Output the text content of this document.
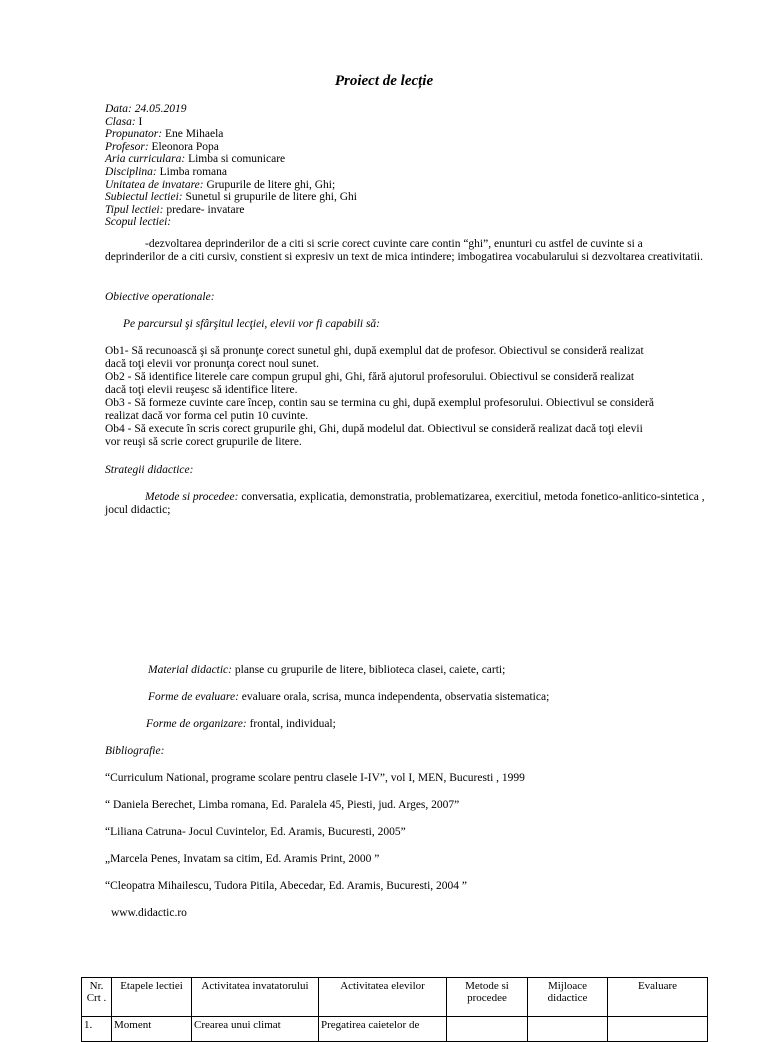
Proiect de lecție
Data: 24.05.2019
Clasa: I
Propunator: Ene Mihaela
Profesor: Eleonora Popa
Aria curriculara: Limba si comunicare
Disciplina: Limba romana
Unitatea de invatare: Grupurile de litere ghi, Ghi;
Subiectul lectiei: Sunetul si grupurile de litere ghi, Ghi
Tipul lectiei: predare- invatare
Scopul lectiei:
-dezvoltarea deprinderilor de a citi si scrie corect cuvinte care contin “ghi”, enunturi cu astfel de cuvinte si a deprinderilor de a citi cursiv, constient si expresiv un text de mica intindere; imbogatirea vocabularului si dezvoltarea creativitatii.
Obiective operationale:
Pe parcursul şi sfârşitul lecţiei, elevii vor fi capabili să:
Ob1- Să recunoască şi să pronunţe corect sunetul ghi, după exemplul dat de profesor. Obiectivul se consideră realizat
dacă toţi elevii vor pronunţa corect noul sunet.
Ob2 - Să identifice literele care compun grupul ghi, Ghi, fără ajutorul profesorului. Obiectivul se consideră realizat
dacă toţi elevii reuşesc să identifice litere.
Ob3 - Să formeze cuvinte care încep, contin sau se termina cu ghi, după exemplul profesorului. Obiectivul se consideră
realizat dacă vor forma cel putin 10 cuvinte.
Ob4 - Să execute în scris corect grupurile ghi, Ghi, după modelul dat. Obiectivul se consideră realizat dacă toţi elevii
vor reuşi să scrie corect grupurile de litere.
Strategii didactice:
Metode si procedee: conversatia, explicatia, demonstratia, problematizarea, exercitiul, metoda fonetico-anlitico-sintetica , jocul didactic;
Material didactic: planse cu grupurile de litere, biblioteca clasei, caiete, carti;
Forme de evaluare: evaluare orala, scrisa, munca independenta, observatia sistematica;
Forme de organizare: frontal, individual;
Bibliografie:
“Curriculum National, programe scolare pentru clasele I-IV”, vol I, MEN, Bucuresti , 1999
“ Daniela Berechet, Limba romana, Ed. Paralela 45, Piesti, jud. Arges, 2007”
“Liliana Catruna- Jocul Cuvintelor, Ed. Aramis, Bucuresti, 2005”
„Marcela Penes, Invatam sa citim, Ed. Aramis Print, 2000 ”
“Cleopatra Mihailescu, Tudora Pitila, Abecedar, Ed. Aramis, Bucuresti, 2004 ”
www.didactic.ro
Nr. Crt .	Etapele lectiei	Activitatea invatatorului	Activitatea elevilor	Metode si procedee	Mijloace didactice	Evaluare
1.	Moment	Crearea unui climat	Pregatirea caietelor de			
